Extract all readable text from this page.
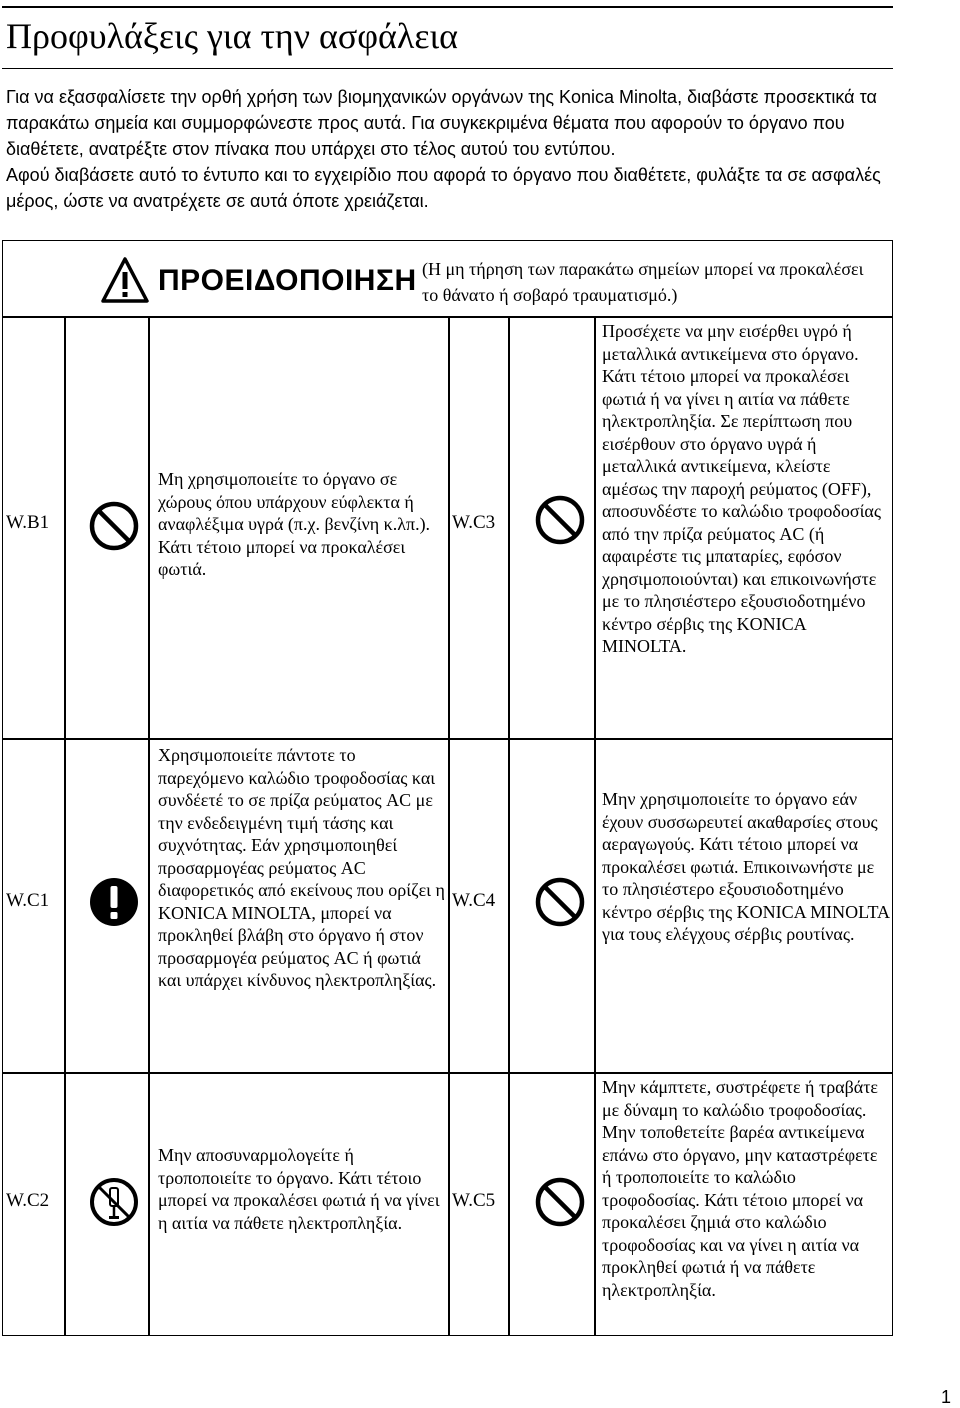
Προφυλάξεις για την ασφάλεια

Για να εξασφαλίσετε την ορθή χρήση των βιομηχανικών οργάνων της Konica Minolta, διαβάστε προσεκτικά τα παρακάτω σημεία και συμμορφώνεστε προς αυτά. Για συγκεκριμένα θέματα που αφορούν το όργανο που διαθέτετε, ανατρέξτε στον πίνακα που υπάρχει στο τέλος αυτού του εντύπου.

Αφού διαβάσετε αυτό το έντυπο και το εγχειρίδιο που αφορά το όργανο που διαθέτετε, φυλάξτε τα σε ασφαλές μέρος, ώστε να ανατρέχετε σε αυτά όποτε χρειάζεται.

ΠΡΟΕΙΔΟΠΟΙΗΣΗ (Η μη τήρηση των παρακάτω σημείων μπορεί να προκαλέσει το θάνατο ή σοβαρό τραυματισμό.)
W.B1
Μη χρησιμοποιείτε το όργανο σε χώρους όπου υπάρχουν εύφλεκτα ή αναφλέξιμα υγρά (π.χ. βενζίνη κ.λπ.). Κάτι τέτοιο μπορεί να προκαλέσει φωτιά.
W.C1
Χρησιμοποιείτε πάντοτε το παρεχόμενο καλώδιο τροφοδοσίας και συνδέετέ το σε πρίζα ρεύματος AC με την ενδεδειγμένη τιμή τάσης και συχνότητας. Εάν χρησιμοποιηθεί προσαρμογέας ρεύματος AC διαφορετικός από εκείνους που ορίζει η KONICA MINOLTA, μπορεί να προκληθεί βλάβη στο όργανο ή στον προσαρμογέα ρεύματος AC ή φωτιά και υπάρχει κίνδυνος ηλεκτροπληξίας.
W.C2
Μην αποσυναρμολογείτε ή τροποποιείτε το όργανο. Κάτι τέτοιο μπορεί να προκαλέσει φωτιά ή να γίνει η αιτία να πάθετε ηλεκτροπληξία.
W.C3
Προσέχετε να μην εισέρθει υγρό ή μεταλλικά αντικείμενα στο όργανο. Κάτι τέτοιο μπορεί να προκαλέσει φωτιά ή να γίνει η αιτία να πάθετε ηλεκτροπληξία. Σε περίπτωση που εισέρθουν στο όργανο υγρά ή μεταλλικά αντικείμενα, κλείστε αμέσως την παροχή ρεύματος (OFF), αποσυνδέστε το καλώδιο τροφοδοσίας από την πρίζα ρεύματος AC (ή αφαιρέστε τις μπαταρίες, εφόσον χρησιμοποιούνται) και επικοινωνήστε με το πλησιέστερο εξουσιοδοτημένο κέντρο σέρβις της KONICA MINOLTA.
W.C4
Μην χρησιμοποιείτε το όργανο εάν έχουν συσσωρευτεί ακαθαρσίες στους αεραγωγούς. Κάτι τέτοιο μπορεί να προκαλέσει φωτιά. Επικοινωνήστε με το πλησιέστερο εξουσιοδοτημένο κέντρο σέρβις της KONICA MINOLTA για τους ελέγχους σέρβις ρουτίνας.
W.C5
Μην κάμπτετε, συστρέφετε ή τραβάτε με δύναμη το καλώδιο τροφοδοσίας. Μην τοποθετείτε βαρέα αντικείμενα επάνω στο όργανο, μην καταστρέφετε ή τροποποιείτε το καλώδιο τροφοδοσίας. Κάτι τέτοιο μπορεί να προκαλέσει ζημιά στο καλώδιο τροφοδοσίας και να γίνει η αιτία να προκληθεί φωτιά ή να πάθετε ηλεκτροπληξία.
1
